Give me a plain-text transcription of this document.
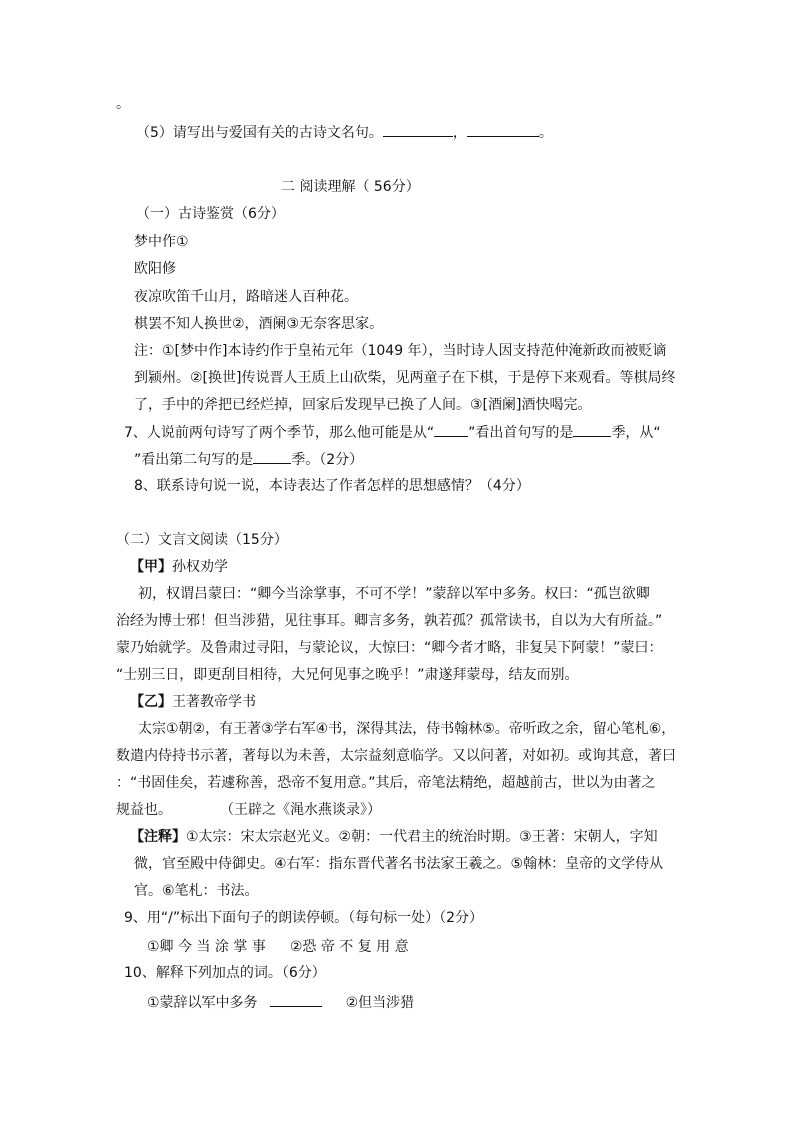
。
（5）请写出与爱国有关的古诗文名句。	，	。
二 阅读理解（ 56分）
（一）古诗鉴赏（6分）
梦中作①
欧阳修
夜凉吹笛千山月，路暗迷人百种花。
棋罢不知人换世②，酒阑③无奈客思家。
注：①[梦中作]本诗约作于皇祐元年（1049 年），当时诗人因支持范仲淹新政而被贬谪
到颍州。②[换世]传说晋人王质上山砍柴，见两童子在下棋，于是停下来观看。等棋局终
了，手中的斧把已经烂掉，回家后发现早已换了人间。③[酒阑]酒快喝完。
7、人说前两句诗写了两个季节，那么他可能是从“ ”看出首句写的是	季，从“
”看出第二句写的是	季。（2分）
8、联系诗句说一说，本诗表达了作者怎样的思想感情？（4分）
（二）文言文阅读（15分）
【甲】孙权劝学
初，权谓吕蒙曰：“卿今当涂掌事，不可不学！”蒙辞以军中多务。权曰：“孤岂欲卿
治经为博士邪！但当涉猎，见往事耳。卿言多务，孰若孤？孤常读书，自以为大有所益。”
蒙乃始就学。及鲁肃过寻阳，与蒙论议，大惊曰：“卿今者才略，非复吴下阿蒙！”蒙曰：
“士别三日，即更刮目相待，大兄何见事之晚乎！”肃遂拜蒙母，结友而别。
【乙】王著教帝学书
太宗①朝②，有王著③学右军④书，深得其法，侍书翰林⑤。帝听政之余，留心笔札⑥，
数遣内侍持书示著，著每以为未善，太宗益刻意临学。又以问著，对如初。或询其意，著曰
：“书固佳矣，若遽称善，恐帝不复用意。”其后，帝笔法精绝，超越前古，世以为由著之
规益也。	（王辟之《渑水燕谈录》）
【注释】①太宗：宋太宗赵光义。②朝：一代君主的统治时期。③王著：宋朝人，字知
微，官至殿中侍御史。④右军：指东晋代著名书法家王羲之。⑤翰林：皇帝的文学侍从
官。⑥笔札：书法。
9、用“/”标出下面句子的朗读停顿。（每句标一处）（2分）
①卿 今 当 涂 掌 事 ②恐 帝 不 复 用 意
10、解释下列加点的词。（6分）
①蒙辞以军中多务	②但当涉猎
